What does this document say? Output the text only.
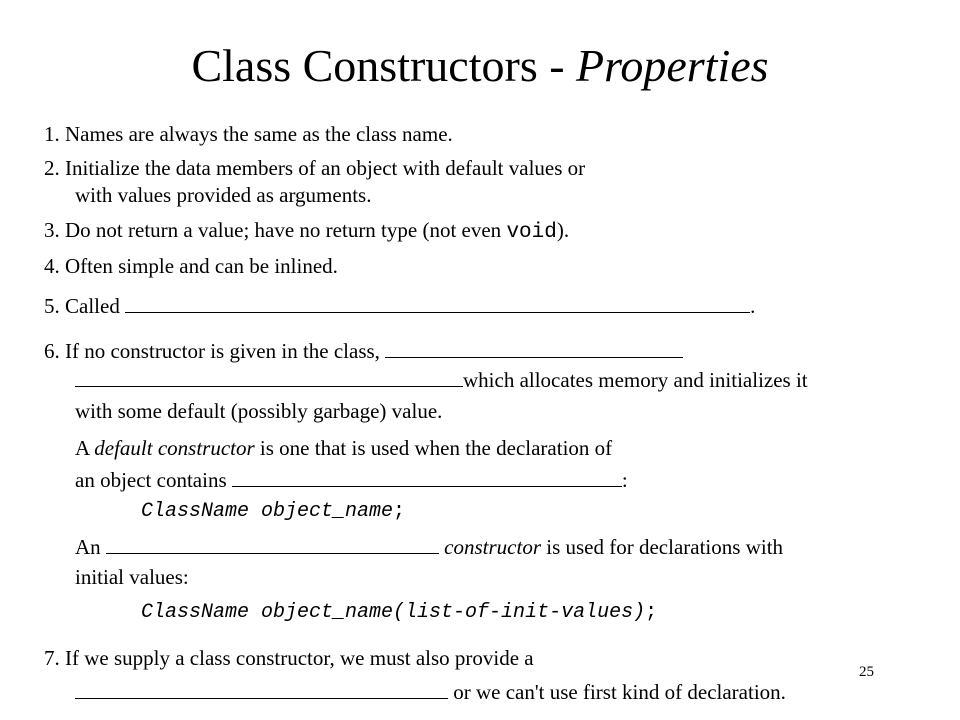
Class Constructors - Properties
1. Names are always the same as the class name.
2. Initialize the data members of an object with default values or
with values provided as arguments.
3. Do not return a value; have no return type (not even void).
4. Often simple and can be inlined.
5. Called	.
6. If no constructor is given in the class,
which allocates memory and initializes it
with some default (possibly garbage) value.
A default constructor is one that is used when the declaration of
an object contains	:
ClassName object_name;
An	constructor is used for declarations with
initial values:
ClassName object_name(list-of-init-values);
7. If we supply a class constructor, we must also provide a
or we can't use first kind of declaration.
25
